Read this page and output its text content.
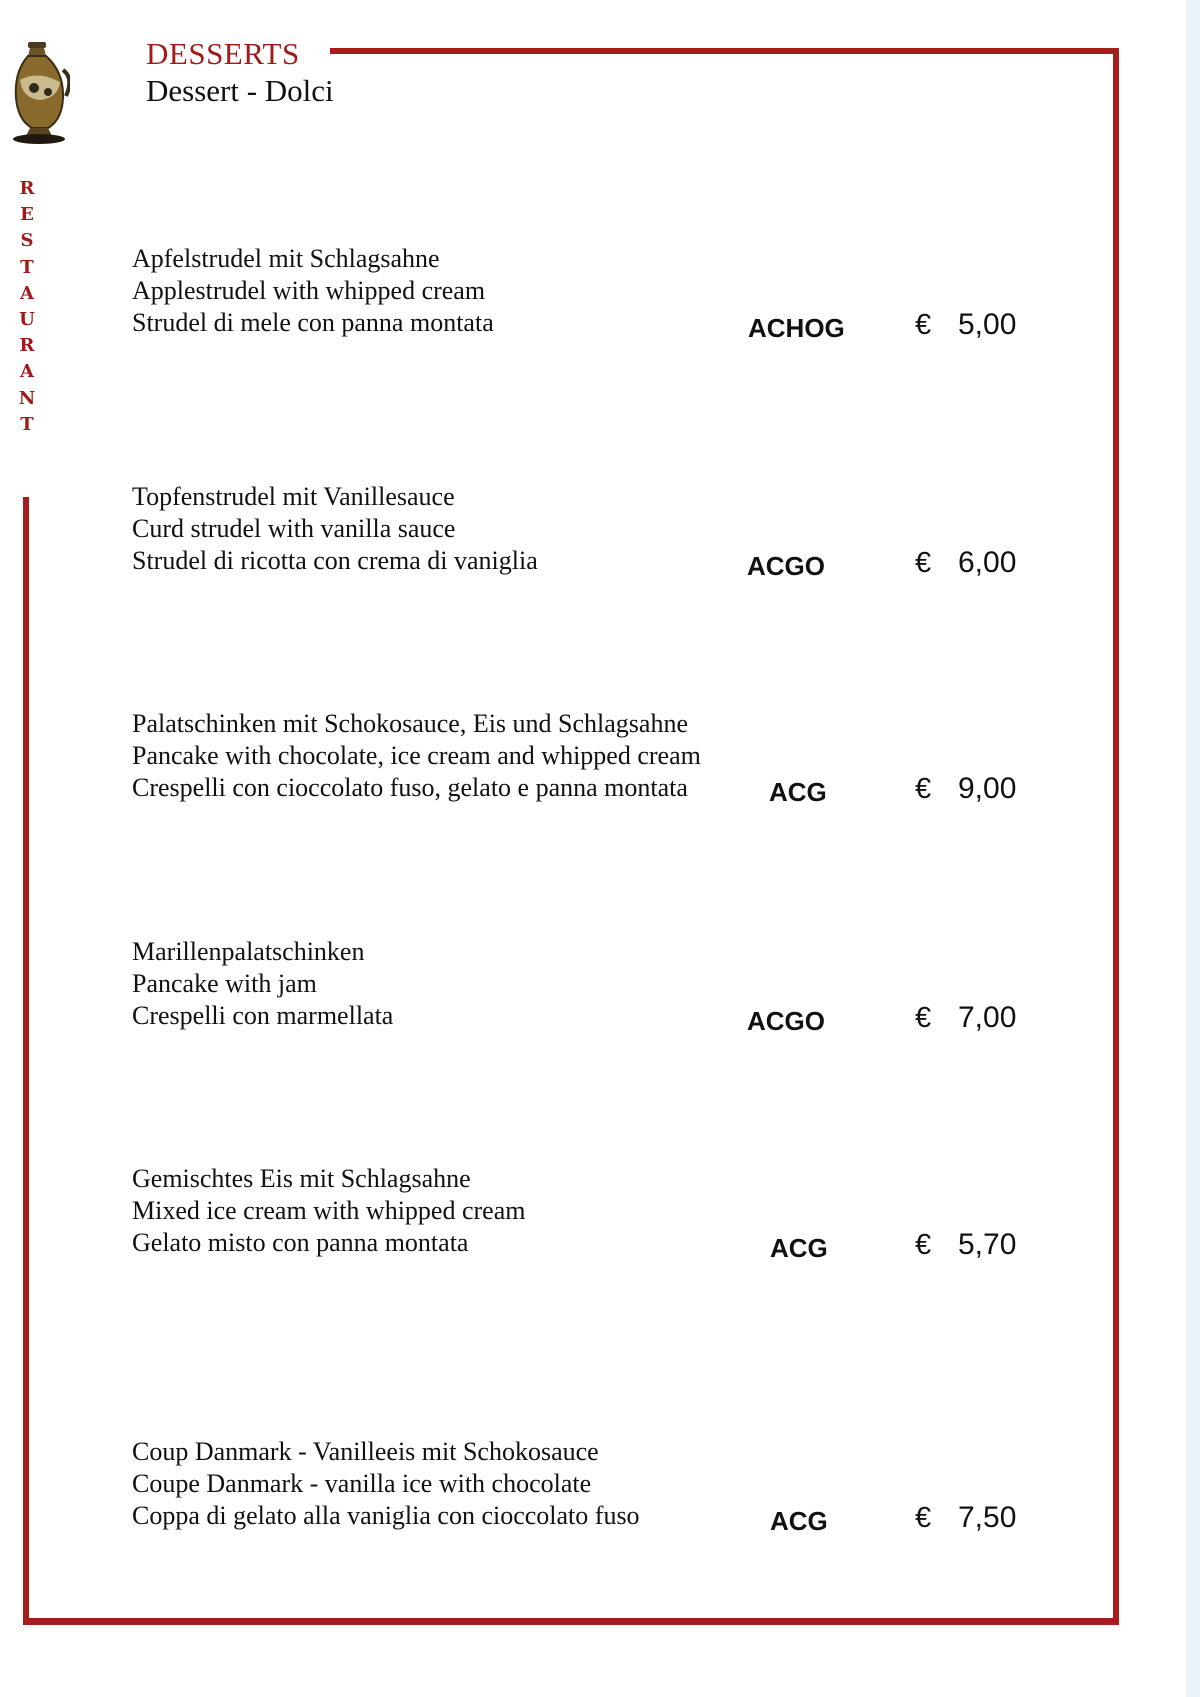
R
E
S
T
A
U
R
A
N
T
DESSERTS
Dessert - Dolci
Apfelstrudel mit Schlagsahne
Applestrudel with whipped cream
Strudel di mele con panna montata	ACHOG € 5,00
Topfenstrudel mit Vanillesauce
Curd strudel with vanilla sauce
Strudel di ricotta con crema di vaniglia	ACGO	€ 6,00
Palatschinken mit Schokosauce, Eis und Schlagsahne
Pancake with chocolate, ice cream and whipped cream
Crespelli con cioccolato fuso, gelato e panna montata	ACG	€ 9,00
Marillenpalatschinken
Pancake with jam
Crespelli con marmellata	ACGO	€ 7,00
Gemischtes Eis mit Schlagsahne
Mixed ice cream with whipped cream
Gelato misto con panna montata	ACG	€ 5,70
Coup Danmark - Vanilleeis mit Schokosauce
Coupe Danmark - vanilla ice with chocolate
Coppa di gelato alla vaniglia con cioccolato fuso	ACG	€ 7,50
